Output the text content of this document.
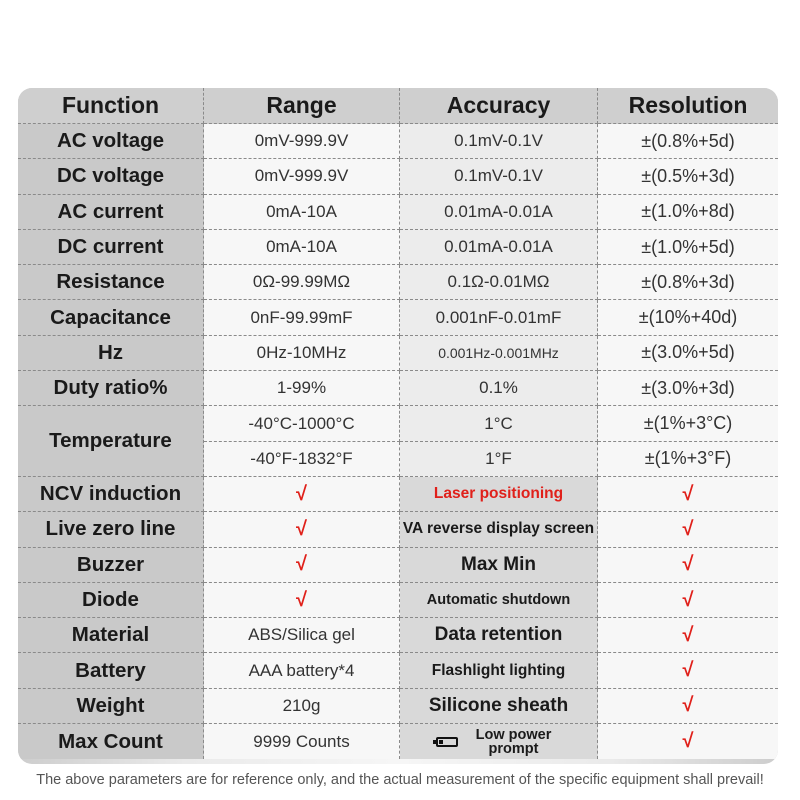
Function	Range	Accuracy	Resolution
AC voltage	0mV-999.9V	0.1mV-0.1V	±(0.8%+5d)
DC voltage	0mV-999.9V	0.1mV-0.1V	±(0.5%+3d)
AC current	0mA-10A	0.01mA-0.01A	±(1.0%+8d)
DC current	0mA-10A	0.01mA-0.01A	±(1.0%+5d)
Resistance	0Ω-99.99MΩ	0.1Ω-0.01MΩ	±(0.8%+3d)
Capacitance	0nF-99.99mF	0.001nF-0.01mF	±(10%+40d)
Hz	0Hz-10MHz	0.001Hz-0.001MHz	±(3.0%+5d)
Duty ratio%	1-99%	0.1%	±(3.0%+3d)
Temperature
-40°C-1000°C	1°C	±(1%+3°C)
-40°F-1832°F	1°F	±(1%+3°F)
NCV induction	√	Laser positioning	√
Live zero line	√	VA reverse display screen	√
Buzzer	√	Max Min	√
Diode	√	Automatic shutdown	√
Material	ABS/Silica gel	Data retention	√
Battery	AAA battery*4	Flashlight lighting	√
Weight	210g	Silicone sheath	√
Max Count	9999 Counts	Low power prompt	√
The above parameters are for reference only, and the actual measurement of the specific equipment shall prevail!
